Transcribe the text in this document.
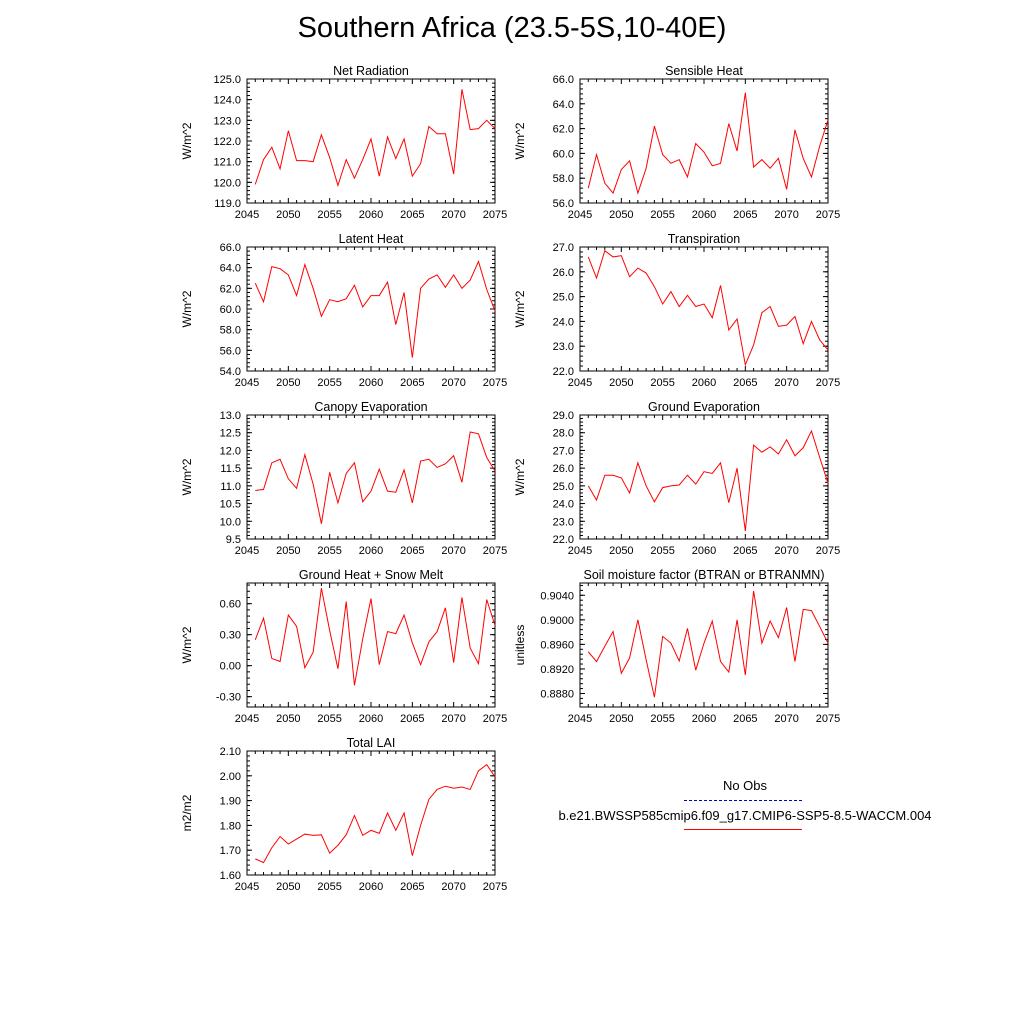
Southern Africa (23.5-5S,10-40E)
Net Radiation
2045 2050 2055 2060 2065 2070 2075
119.0
120.0
121.0
122.0
123.0
124.0
125.0
W/m^2
Sensible Heat
2045 2050 2055 2060 2065 2070 2075
56.0
58.0
60.0
62.0
64.0
66.0
W/m^2
Latent Heat
2045 2050 2055 2060 2065 2070 2075
54.0
56.0
58.0
60.0
62.0
64.0
66.0
W/m^2
Transpiration
2045 2050 2055 2060 2065 2070 2075
22.0
23.0
24.0
25.0
26.0
27.0
W/m^2
Canopy Evaporation
2045 2050 2055 2060 2065 2070 2075
9.5
10.0
10.5
11.0
11.5
12.0
12.5
13.0
W/m^2
Ground Evaporation
2045 2050 2055 2060 2065 2070 2075
22.0
23.0
24.0
25.0
26.0
27.0
28.0
29.0
W/m^2
Ground Heat + Snow Melt
2045 2050 2055 2060 2065 2070 2075
-0.30
0.00
0.30
0.60
W/m^2
Soil moisture factor (BTRAN or BTRANMN)
2045 2050 2055 2060 2065 2070 2075
0.8880
0.8920
0.8960
0.9000
0.9040
unitless
Total LAI
2045 2050 2055 2060 2065 2070 2075
1.60
1.70
1.80
1.90
2.00
2.10
m2/m2
No Obs
b.e21.BWSSP585cmip6.f09_g17.CMIP6-SSP5-8.5-WACCM.004
